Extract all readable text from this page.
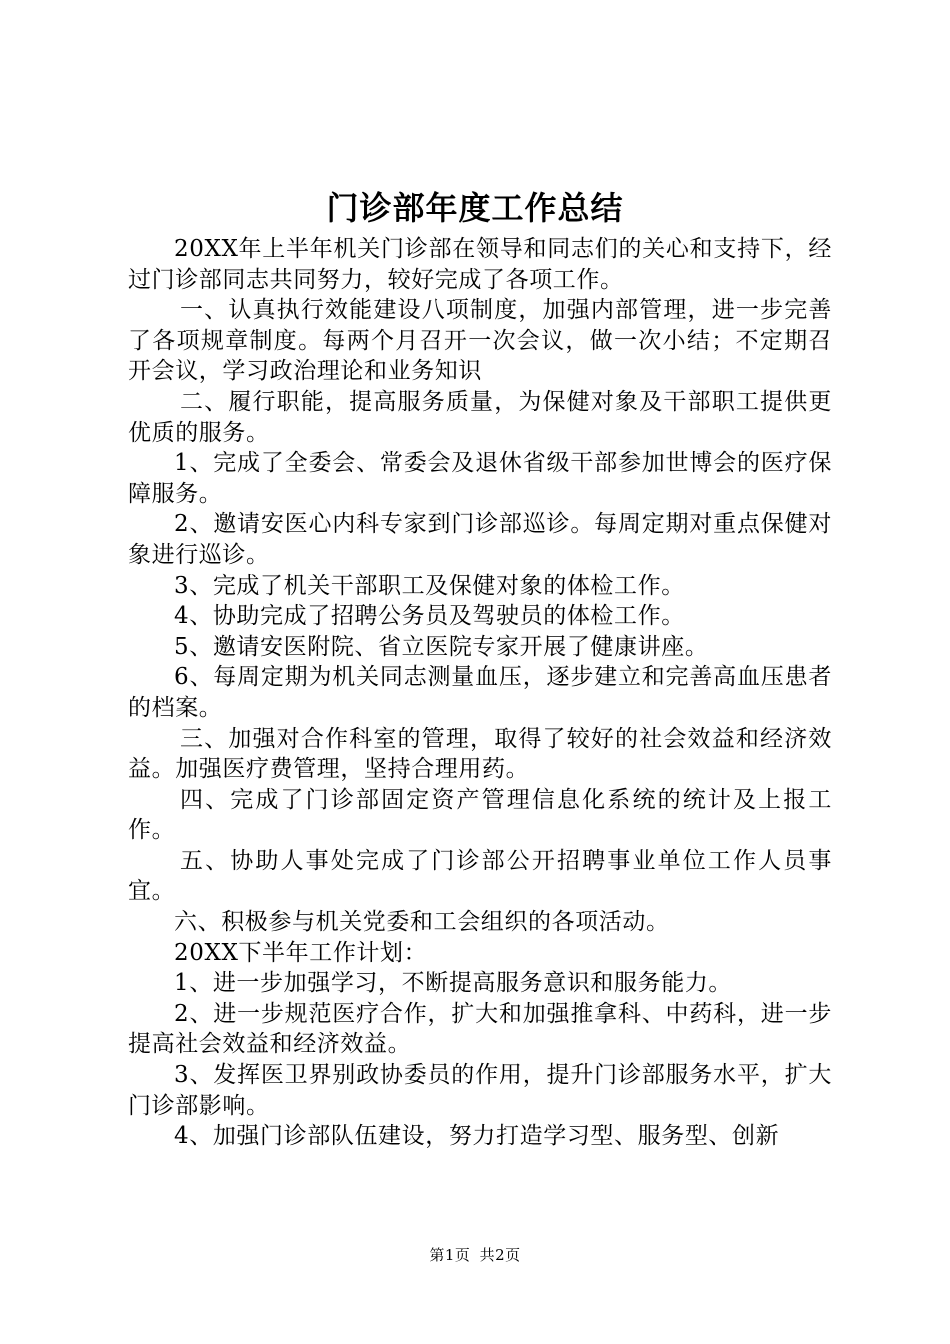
门诊部年度工作总结

20XX年上半年机关门诊部在领导和同志们的关心和支持下，经过门诊部同志共同努力，较好完成了各项工作。

一、认真执行效能建设八项制度，加强内部管理，进一步完善了各项规章制度。每两个月召开一次会议，做一次小结；不定期召开会议，学习政治理论和业务知识

二、履行职能，提高服务质量，为保健对象及干部职工提供更优质的服务。

1、完成了全委会、常委会及退休省级干部参加世博会的医疗保障服务。

2、邀请安医心内科专家到门诊部巡诊。每周定期对重点保健对象进行巡诊。

3、完成了机关干部职工及保健对象的体检工作。

4、协助完成了招聘公务员及驾驶员的体检工作。

5、邀请安医附院、省立医院专家开展了健康讲座。

6、每周定期为机关同志测量血压，逐步建立和完善高血压患者的档案。

三、加强对合作科室的管理，取得了较好的社会效益和经济效益。加强医疗费管理，坚持合理用药。

四、完成了门诊部固定资产管理信息化系统的统计及上报工作。

五、协助人事处完成了门诊部公开招聘事业单位工作人员事宜。

六、积极参与机关党委和工会组织的各项活动。

20XX下半年工作计划：

1、进一步加强学习，不断提高服务意识和服务能力。

2、进一步规范医疗合作，扩大和加强推拿科、中药科，进一步提高社会效益和经济效益。

3、发挥医卫界别政协委员的作用，提升门诊部服务水平，扩大门诊部影响。

4、加强门诊部队伍建设，努力打造学习型、服务型、创新

第1页 共2页
